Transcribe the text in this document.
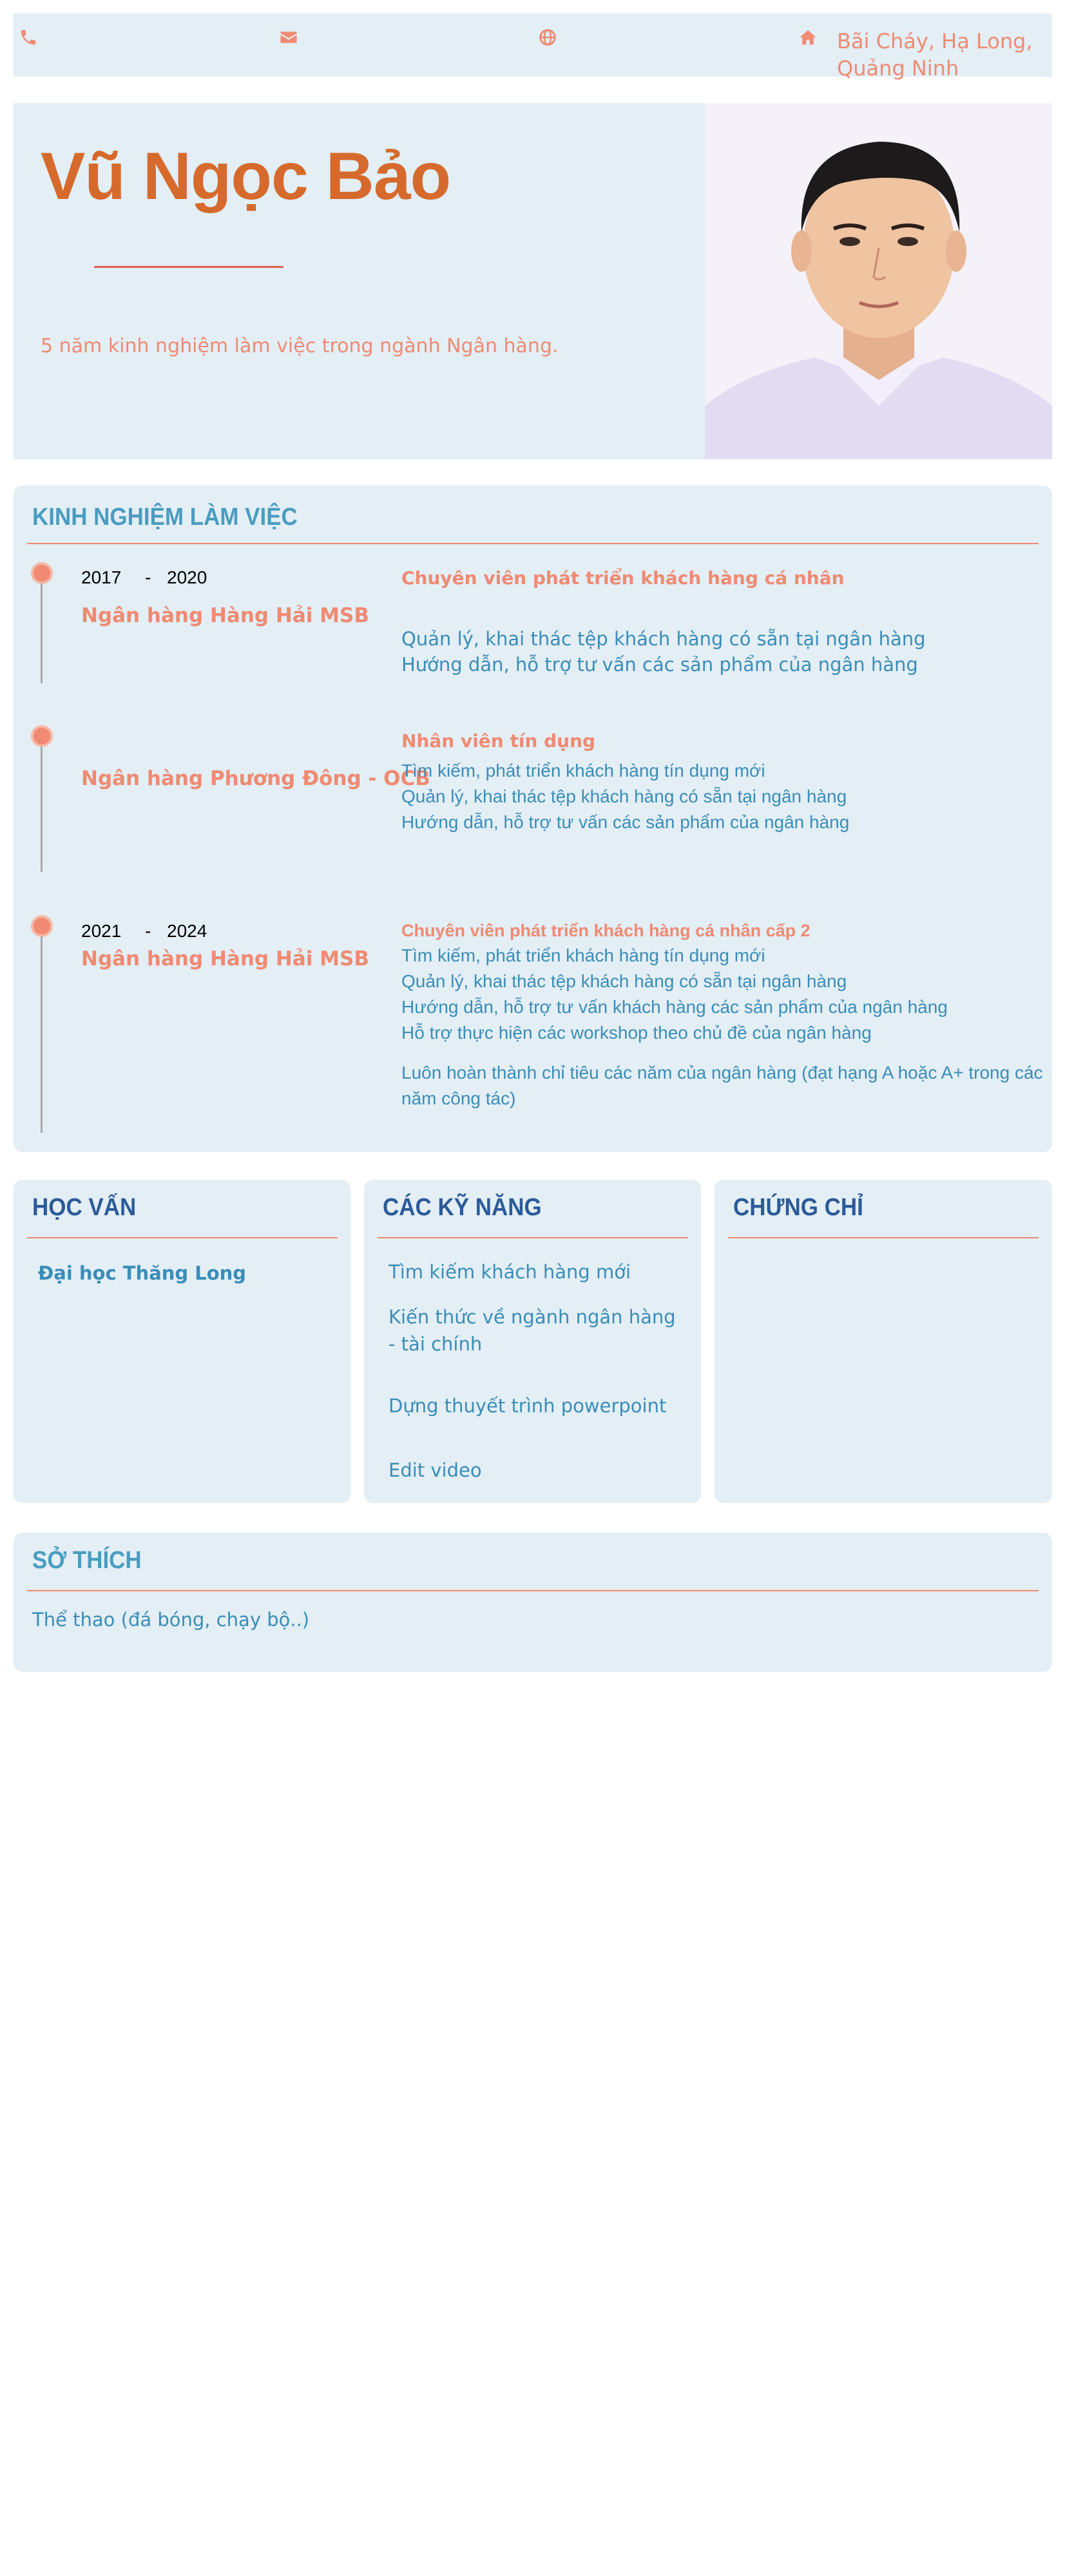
Bãi Cháy, Hạ Long,
Quảng Ninh
Vũ Ngọc Bảo
5 năm kinh nghiệm làm việc trong ngành Ngân hàng.
KINH NGHIỆM LÀM VIỆC
2017 - 2020
Ngân hàng Hàng Hải MSB
Chuyên viên phát triển khách hàng cá nhân

Quản lý, khai thác tệp khách hàng có sẵn tại ngân hàng

Hướng dẫn, hỗ trợ tư vấn các sản phẩm của ngân hàng

Ngân hàng Phương Đông - OCB
Nhân viên tín dụng

Tìm kiếm, phát triển khách hàng tín dụng mới

Quản lý, khai thác tệp khách hàng có sẵn tại ngân hàng

Hướng dẫn, hỗ trợ tư vấn các sản phẩm của ngân hàng

2021 - 2024
Ngân hàng Hàng Hải MSB
Chuyên viên phát triển khách hàng cá nhân cấp 2

Tìm kiếm, phát triển khách hàng tín dụng mới

Quản lý, khai thác tệp khách hàng có sẵn tại ngân hàng

Hướng dẫn, hỗ trợ tư vấn khách hàng các sản phẩm của ngân hàng

Hỗ trợ thực hiện các workshop theo chủ đề của ngân hàng

Luôn hoàn thành chỉ tiêu các năm của ngân hàng (đạt hạng A hoặc A+ trong các năm công tác)

HỌC VẤN
Đại học Thăng Long
CÁC KỸ NĂNG
Tìm kiếm khách hàng mới
Kiến thức về ngành ngân hàng - tài chính
Dựng thuyết trình powerpoint
Edit video
CHỨNG CHỈ
SỞ THÍCH
Thể thao (đá bóng, chạy bộ..)
